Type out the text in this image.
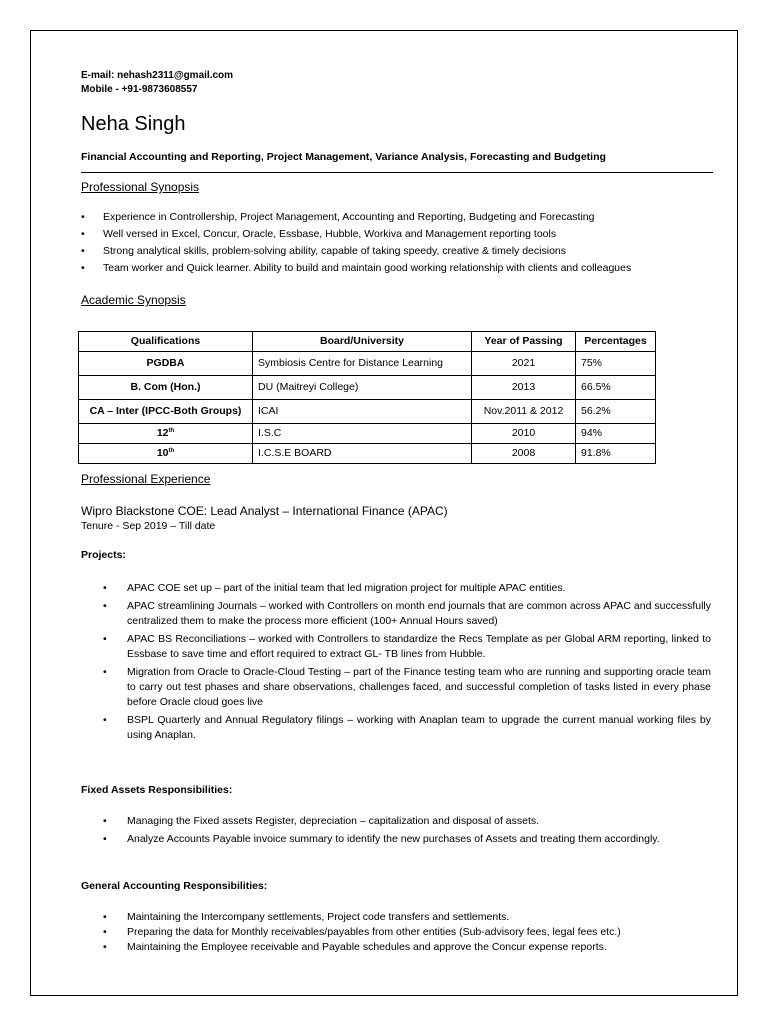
E-mail: nehash2311@gmail.com
Mobile - +91-9873608557
Neha Singh
Financial Accounting and Reporting, Project Management, Variance Analysis, Forecasting and Budgeting
Professional Synopsis
• Experience in Controllership, Project Management, Accounting and Reporting, Budgeting and Forecasting
• Well versed in Excel, Concur, Oracle, Essbase, Hubble, Workiva and Management reporting tools
• Strong analytical skills, problem-solving ability, capable of taking speedy, creative & timely decisions
• Team worker and Quick learner. Ability to build and maintain good working relationship with clients and colleagues
Academic Synopsis
Qualifications	Board/University	Year of Passing	Percentages
PGDBA	Symbiosis Centre for Distance Learning	2021	75%
B. Com (Hon.)	DU (Maitreyi College)	2013	66.5%
CA – Inter (IPCC-Both Groups)	ICAI	Nov.2011 & 2012	56.2%
12th	I.S.C	2010	94%
10th	I.C.S.E BOARD	2008	91.8%
Professional Experience
Wipro Blackstone COE: Lead Analyst – International Finance (APAC)
Tenure - Sep 2019 – Till date
Projects:
• APAC COE set up – part of the initial team that led migration project for multiple APAC entities.
• APAC streamlining Journals – worked with Controllers on month end journals that are common across APAC and successfully centralized them to make the process more efficient (100+ Annual Hours saved)
• APAC BS Reconciliations – worked with Controllers to standardize the Recs Template as per Global ARM reporting, linked to Essbase to save time and effort required to extract GL- TB lines from Hubble.
• Migration from Oracle to Oracle-Cloud Testing – part of the Finance testing team who are running and supporting oracle team to carry out test phases and share observations, challenges faced, and successful completion of tasks listed in every phase before Oracle cloud goes live
• BSPL Quarterly and Annual Regulatory filings – working with Anaplan team to upgrade the current manual working files by using Anaplan.
Fixed Assets Responsibilities:
• Managing the Fixed assets Register, depreciation – capitalization and disposal of assets.
• Analyze Accounts Payable invoice summary to identify the new purchases of Assets and treating them accordingly.
General Accounting Responsibilities:
• Maintaining the Intercompany settlements, Project code transfers and settlements.
• Preparing the data for Monthly receivables/payables from other entities (Sub-advisory fees, legal fees etc.)
• Maintaining the Employee receivable and Payable schedules and approve the Concur expense reports.
